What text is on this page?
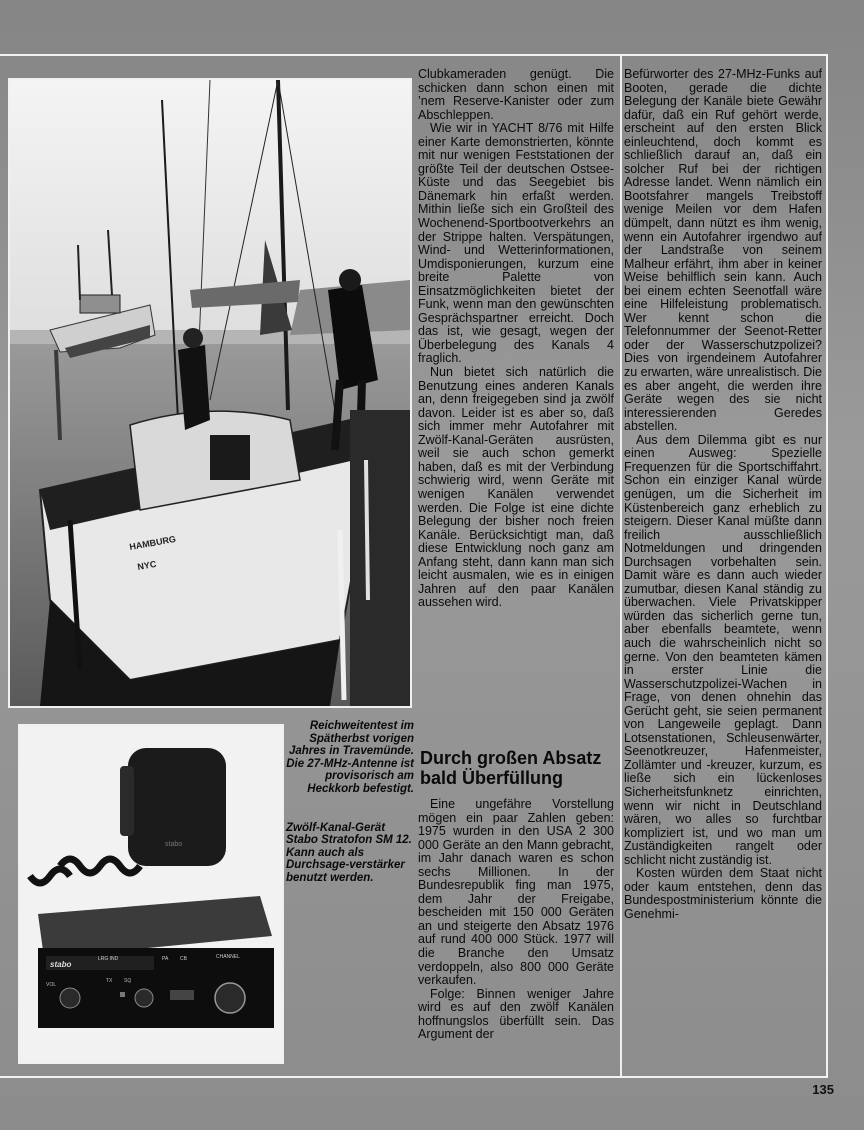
HAMBURG
NYC
stabo
stabo
LRG IND	PA CB	CHANNEL
VOL
TX SQ

Reichweitentest im Spätherbst vorigen Jahres in Travemünde. Die 27-MHz-Antenne ist provisorisch am Heckkorb befestigt.

Zwölf-Kanal-Gerät Stabo Stratofon SM 12. Kann auch als Durchsage-verstärker benutzt werden.

Clubkameraden genügt. Die schicken dann schon einen mit ’nem Reserve-Kanister oder zum Abschleppen.

Wie wir in YACHT 8/76 mit Hilfe einer Karte demonstrierten, könnte mit nur wenigen Feststationen der größte Teil der deutschen Ostsee-Küste und das Seegebiet bis Dänemark hin erfaßt werden. Mithin ließe sich ein Großteil des Wochenend-Sportbootverkehrs an der Strippe halten. Verspätungen, Wind- und Wetterinformationen, Umdisponierungen, kurzum eine breite Palette von Einsatzmöglichkeiten bietet der Funk, wenn man den gewünschten Gesprächspartner erreicht. Doch das ist, wie gesagt, wegen der Überbelegung des Kanals 4 fraglich.

Nun bietet sich natürlich die Benutzung eines anderen Kanals an, denn freigegeben sind ja zwölf davon. Leider ist es aber so, daß sich immer mehr Autofahrer mit Zwölf-Kanal-Geräten ausrüsten, weil sie auch schon gemerkt haben, daß es mit der Verbindung schwierig wird, wenn Geräte mit wenigen Kanälen verwendet werden. Die Folge ist eine dichte Belegung der bisher noch freien Kanäle. Berücksichtigt man, daß diese Entwicklung noch ganz am Anfang steht, dann kann man sich leicht ausmalen, wie es in einigen Jahren auf den paar Kanälen aussehen wird.

Durch großen Absatz bald Überfüllung

Eine ungefähre Vorstellung mögen ein paar Zahlen geben: 1975 wurden in den USA 2 300 000 Geräte an den Mann gebracht, im Jahr danach waren es schon sechs Millionen. In der Bundesrepublik fing man 1975, dem Jahr der Freigabe, bescheiden mit 150 000 Geräten an und steigerte den Absatz 1976 auf rund 400 000 Stück. 1977 will die Branche den Umsatz verdoppeln, also 800 000 Geräte verkaufen.

Folge: Binnen weniger Jahre wird es auf den zwölf Kanälen hoffnungslos überfüllt sein. Das Argument der

Befürworter des 27-MHz-Funks auf Booten, gerade die dichte Belegung der Kanäle biete Gewähr dafür, daß ein Ruf gehört werde, erscheint auf den ersten Blick einleuchtend, doch kommt es schließlich darauf an, daß ein solcher Ruf bei der richtigen Adresse landet. Wenn nämlich ein Bootsfahrer mangels Treibstoff wenige Meilen vor dem Hafen dümpelt, dann nützt es ihm wenig, wenn ein Autofahrer irgendwo auf der Landstraße von seinem Malheur erfährt, ihm aber in keiner Weise behilflich sein kann. Auch bei einem echten Seenotfall wäre eine Hilfeleistung problematisch. Wer kennt schon die Telefonnummer der Seenot-Retter oder der Wasserschutzpolizei? Dies von irgendeinem Autofahrer zu erwarten, wäre unrealistisch. Die es aber angeht, die werden ihre Geräte wegen des sie nicht interessierenden Geredes abstellen.

Aus dem Dilemma gibt es nur einen Ausweg: Spezielle Frequenzen für die Sportschiffahrt. Schon ein einziger Kanal würde genügen, um die Sicherheit im Küstenbereich ganz erheblich zu steigern. Dieser Kanal müßte dann freilich ausschließlich Notmeldungen und dringenden Durchsagen vorbehalten sein. Damit wäre es dann auch wieder zumutbar, diesen Kanal ständig zu überwachen. Viele Privatskipper würden das sicherlich gerne tun, aber ebenfalls beamtete, wenn auch die wahrscheinlich nicht so gerne. Von den beamteten kämen in erster Linie die Wasserschutzpolizei-Wachen in Frage, von denen ohnehin das Gerücht geht, sie seien permanent von Langeweile geplagt. Dann Lotsenstationen, Schleusenwärter, Seenotkreuzer, Hafenmeister, Zollämter und -kreuzer, kurzum, es ließe sich ein lückenloses Sicherheitsfunknetz einrichten, wenn wir nicht in Deutschland wären, wo alles so furchtbar kompliziert ist, und wo man um Zuständigkeiten rangelt oder schlicht nicht zuständig ist.

Kosten würden dem Staat nicht oder kaum entstehen, denn das Bundespostministerium könnte die Genehmi-

135
